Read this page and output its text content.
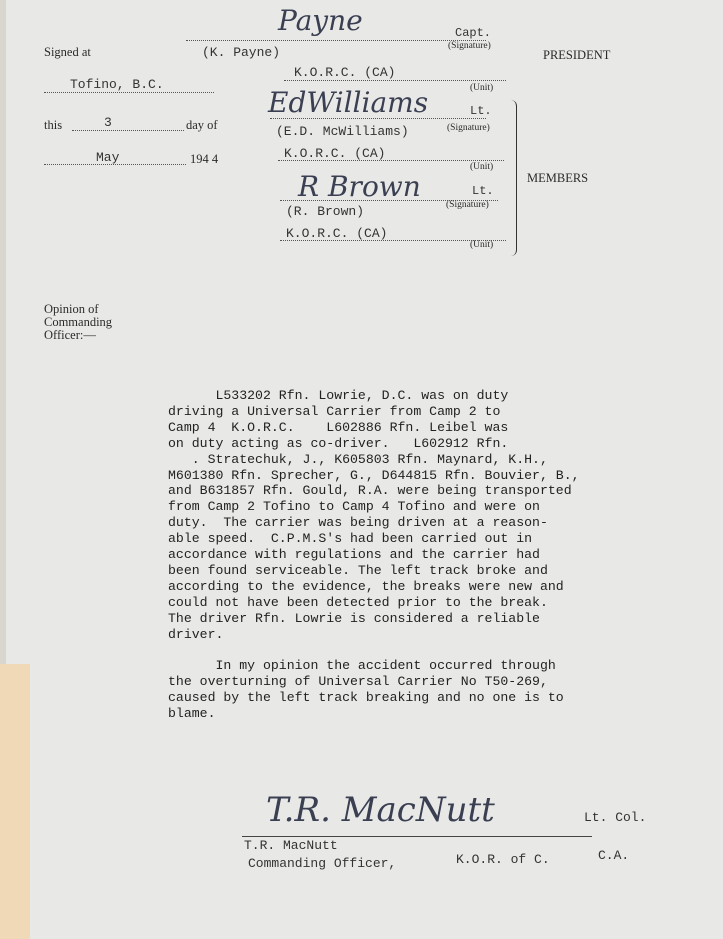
Signed at
Tofino, B.C.
this	3	day of
May	194 4
Payne	Capt.
(Signature)
(K. Payne)	PRESIDENT
K.O.R.C. (CA)
(Unit)
EdWilliams	Lt.
(E.D. McWilliams)	(Signature)
K.O.R.C. (CA)
(Unit)
R Brown	Lt.
(Signature)
(R. Brown)
K.O.R.C. (CA)
(Unit)
MEMBERS
Opinion of
Commanding
Officer:—
L533202 Rfn. Lowrie, D.C. was on duty
driving a Universal Carrier from Camp 2 to
Camp 4  K.O.R.C.    L602886 Rfn. Leibel was
on duty acting as co-driver.   L602912 Rfn.
. Stratechuk, J., K605803 Rfn. Maynard, K.H.,
M601380 Rfn. Sprecher, G., D644815 Rfn. Bouvier, B.,
and B631857 Rfn. Gould, R.A. were being transported
from Camp 2 Tofino to Camp 4 Tofino and were on
duty.  The carrier was being driven at a reason-
able speed.  C.P.M.S's had been carried out in
accordance with regulations and the carrier had
been found serviceable. The left track broke and
according to the evidence, the breaks were new and
could not have been detected prior to the break.
The driver Rfn. Lowrie is considered a reliable
driver.

In my opinion the accident occurred through
the overturning of Universal Carrier No T50-269,
caused by the left track breaking and no one is to
blame.
T.R. MacNutt	Lt. Col.
T.R. MacNutt
Commanding Officer,	K.O.R. of C.	C.A.
